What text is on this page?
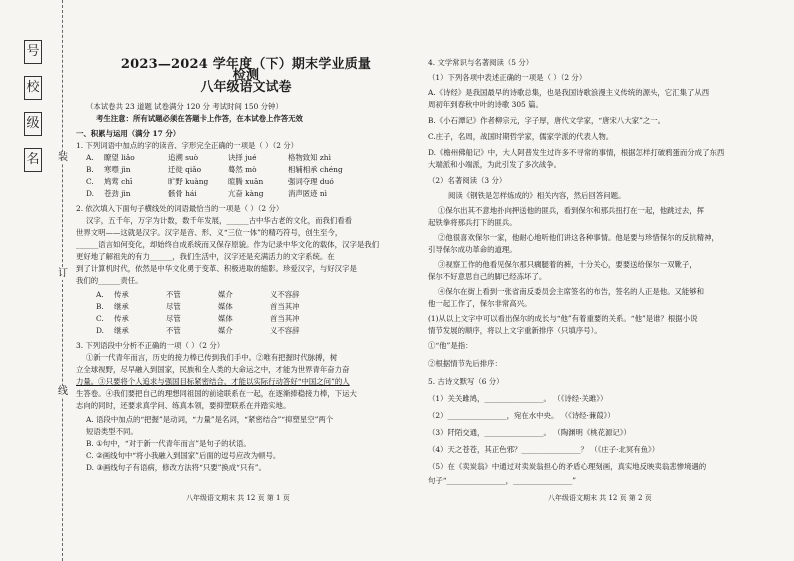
号
校
级
名 装
订
线
2023—2024 学年度（下）期末学业质量检测
八年级语文试卷
（本试卷共 23 道题 试卷满分 120 分 考试时间 150 分钟）
考生注意：所有试题必须在答题卡上作答，在本试卷上作答无效
一、积累与运用（满分 17 分）
1. 下列词语中加点的字的读音、字形完全正确的一项是（ ）（2 分）
A. 瞭望 liǎo	追溯 suò	诀择 jué	格物致知 zhì
B. 寒噤 jìn	迁徙 qiǎo	蓦然 mò	相辅相承 chéng
C. 鸠莺 chī	旷野 kuàng	暄腾 xuān	强词夺理 duó
D. 苍劲 jìn	骸骨 hái	亢奋 kàng	消声匿迹 nì
2. 依次填入下面句子横线处的词语最恰当的一项是（ ）（2 分）
汉字，五千年，万字为计数，数千年发展，______古中华古老的文化，而我们看看
世界文明——这就是汉字。汉字是音、形、义“三位一体”的精巧符号，创生至今，
______语言如何变化，却始终自成系统而又保存原貌。作为记录中华文化的载体，汉字是我们
更好地了解祖先的有力______，我们生活中，汉字还是充满活力的文字系统。在
到了计算机时代，依然是中华文化勇于变革、积极进取的缩影。珍爱汉字，与好汉字是
我们的______责任。
A. 传承	不管	媒介	义不容辞
B. 继承	尽管	媒体	首当其冲
C. 传承	尽管	媒体	首当其冲
D. 继承	不管	媒介	义不容辞
3. 下列语段中分析不正确的一项（ ）（2 分）
①新一代青年而言，历史的接力棒已传到我们手中。②唯有把握时代脉搏，树
立全球视野，尽早融入到国家，民族和全人类的大命运之中，才能为世界青年奋力奋
力量。③只要将个人追求与强国目标紧密结合，才能以实际行动答好“中国之问”的人
生答卷。④我们要把自己的理想同祖国的前途联系在一起，在逐渐捧稳接力棒，下运大
志向的同时，还要求真学问、练真本领，要抑塑联系在并踏实地。
A. 语段中加点的“把握”是动词，“力量”是名词，“紧密结合”“抑塑星空”两个
短语类型不同。
B. ①句中，“对于新一代青年而言”是句子的状语。
C. ②画线句中“将小我融入到国家”后面的逗号应改为顿号。
D. ③画线句子有语病，修改方法将“只要”换成“只有”。
八年级语文期末 共 12 页 第 1 页
4. 文学常识与名著阅读（5 分）
（1）下列各项中表述正确的一项是（ ）（2 分）
A.《诗经》是我国最早的诗歌总集，也是我国诗歌浪漫主义传统的源头，它汇集了从西
周初年到春秋中叶的诗歌 305 篇。
B.《小石潭记》作者柳宗元，字子厚，唐代文学家，“唐宋八大家”之一。
C.庄子，名周，战国时期哲学家，儒家学派的代表人物。
D.《檐州佛船记》中，大人阿普发生过许多不寻常的事情，根据怎样打破鸦蛋而分成了东西
大端派和小端派，为此引发了多次战争。
（2）名著阅读（3 分）
阅读《钢铁是怎样炼成的》相关内容，然后回答问题。
①保尔出其不意地扑向押送他的匪兵，看到保尔和那兵扭打在一起，他跳过去，挥
起铁拳将那兵打下的匪兵。
②他很喜欢保尔一家，他耐心地听他们讲这各种事情。他是要与珍惜保尔的反抗精神，
引导保尔成功革命的道理。
③视察工作的他看见保尔那只瘸腿着的裤，十分关心，要要送给保尔一双靴子，
保尔不好意思自己的脚已经冻坏了。
④保尔在街上看到一张省南反委员会主席签名的布告，签名的人正是他。又能够和
他一起工作了，保尔非常高兴。
(1)从以上文字中可以看出保尔的成长与“他”有着重要的关系。“他”是谁？根据小说
情节发展的顺序，将以上文字重新排序（只填序号）。
①“他”是指：
②根据情节先后排序：
5. 古诗文默写（6 分）
（1）关关雎鸠，________________。 （《诗经·关雎》）
（2）________________，宛在水中央。 （《诗经·蒹葭》）
（3）阡陌交通，________________。 （陶渊明《桃花源记》）
（4）天之苍苍，其正色邪？________________？ （《庄子·北冥有鱼》）
（5）在《卖炭翁》中通过对卖炭翁担心的矛盾心理刻画，真实地反映卖翁悲惨境遇的
句子“________________，________________”
八年级语文期末 共 12 页 第 2 页
